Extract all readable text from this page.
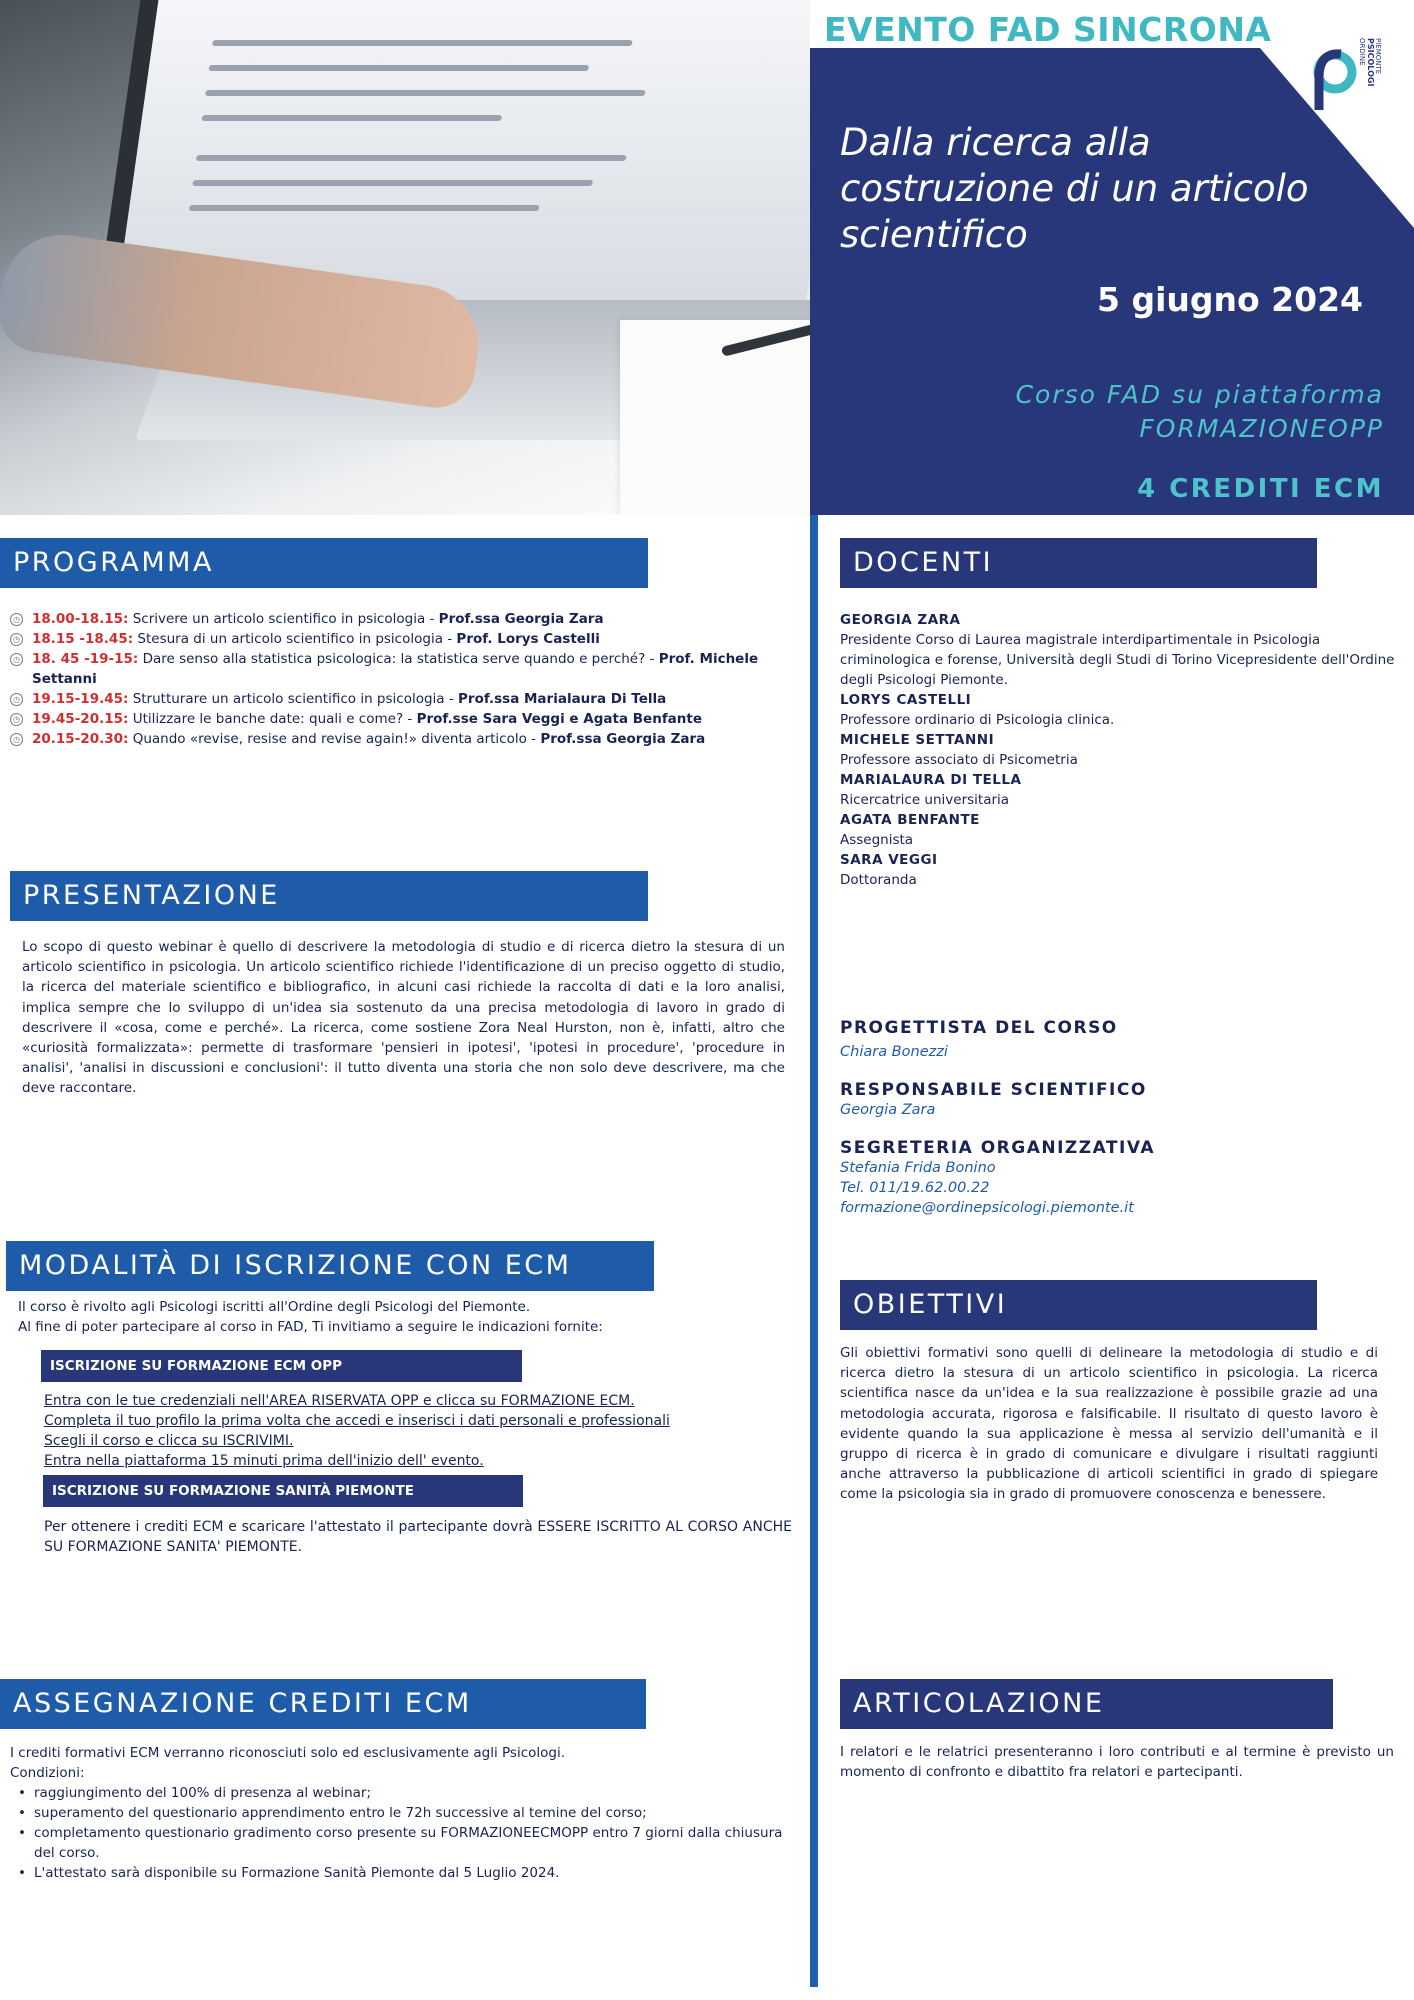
EVENTO FAD SINCRONA
ORDINE PSICOLOGI PIEMONTE
Dalla ricerca alla costruzione di un articolo scientifico
5 giugno 2024
Corso FAD su piattaforma
FORMAZIONEOPP
4 CREDITI ECM
PROGRAMMA
◷ 18.00-18.15: Scrivere un articolo scientifico in psicologia - Prof.ssa Georgia Zara
◷ 18.15 -18.45: Stesura di un articolo scientifico in psicologia - Prof. Lorys Castelli
◷ 18. 45 -19-15: Dare senso alla statistica psicologica: la statistica serve quando e perché? - Prof. Michele Settanni
◷ 19.15-19.45: Strutturare un articolo scientifico in psicologia - Prof.ssa Marialaura Di Tella
◷ 19.45-20.15: Utilizzare le banche date: quali e come? - Prof.sse Sara Veggi e Agata Benfante
◷ 20.15-20.30: Quando «revise, resise and revise again!» diventa articolo - Prof.ssa Georgia Zara
DOCENTI
GEORGIA ZARA
Presidente Corso di Laurea magistrale interdipartimentale in Psicologia criminologica e forense, Università degli Studi di Torino Vicepresidente dell'Ordine degli Psicologi Piemonte.
LORYS CASTELLI
Professore ordinario di Psicologia clinica.
MICHELE SETTANNI
Professore associato di Psicometria
MARIALAURA DI TELLA
Ricercatrice universitaria
AGATA BENFANTE
Assegnista
SARA VEGGI
Dottoranda
PRESENTAZIONE
Lo scopo di questo webinar è quello di descrivere la metodologia di studio e di ricerca dietro la stesura di un articolo scientifico in psicologia. Un articolo scientifico richiede l'identificazione di un preciso oggetto di studio, la ricerca del materiale scientifico e bibliografico, in alcuni casi richiede la raccolta di dati e la loro analisi, implica sempre che lo sviluppo di un'idea sia sostenuto da una precisa metodologia di lavoro in grado di descrivere il «cosa, come e perché». La ricerca, come sostiene Zora Neal Hurston, non è, infatti, altro che «curiosità formalizzata»: permette di trasformare 'pensieri in ipotesi', 'ipotesi in procedure', 'procedure in analisi', 'analisi in discussioni e conclusioni': il tutto diventa una storia che non solo deve descrivere, ma che deve raccontare.
PROGETTISTA DEL CORSO
Chiara Bonezzi
RESPONSABILE SCIENTIFICO
Georgia Zara
SEGRETERIA ORGANIZZATIVA
Stefania Frida Bonino
Tel. 011/19.62.00.22
formazione@ordinepsicologi.piemonte.it
MODALITÀ DI ISCRIZIONE CON ECM
Il corso è rivolto agli Psicologi iscritti all'Ordine degli Psicologi del Piemonte.
Al fine di poter partecipare al corso in FAD, Ti invitiamo a seguire le indicazioni fornite:
ISCRIZIONE SU FORMAZIONE ECM OPP
Entra con le tue credenziali nell'AREA RISERVATA OPP e clicca su FORMAZIONE ECM.
Completa il tuo profilo la prima volta che accedi e inserisci i dati personali e professionali
Scegli il corso e clicca su ISCRIVIMI.
Entra nella piattaforma 15 minuti prima dell'inizio dell' evento.
ISCRIZIONE SU FORMAZIONE SANITÀ PIEMONTE
Per ottenere i crediti ECM e scaricare l'attestato il partecipante dovrà ESSERE ISCRITTO AL CORSO ANCHE SU FORMAZIONE SANITA' PIEMONTE.
OBIETTIVI
Gli obiettivi formativi sono quelli di delineare la metodologia di studio e di ricerca dietro la stesura di un articolo scientifico in psicologia. La ricerca scientifica nasce da un'idea e la sua realizzazione è possibile grazie ad una metodologia accurata, rigorosa e falsificabile. Il risultato di questo lavoro è evidente quando la sua applicazione è messa al servizio dell'umanità e il gruppo di ricerca è in grado di comunicare e divulgare i risultati raggiunti anche attraverso la pubblicazione di articoli scientifici in grado di spiegare come la psicologia sia in grado di promuovere conoscenza e benessere.
ASSEGNAZIONE CREDITI ECM
I crediti formativi ECM verranno riconosciuti solo ed esclusivamente agli Psicologi.
Condizioni:
• raggiungimento del 100% di presenza al webinar;
• superamento del questionario apprendimento entro le 72h successive al temine del corso;
• completamento questionario gradimento corso presente su FORMAZIONEECMOPP entro 7 giorni dalla chiusura del corso.
• L'attestato sarà disponibile su Formazione Sanità Piemonte dal 5 Luglio 2024.
ARTICOLAZIONE
I relatori e le relatrici presenteranno i loro contributi e al termine è previsto un momento di confronto e dibattito fra relatori e partecipanti.
